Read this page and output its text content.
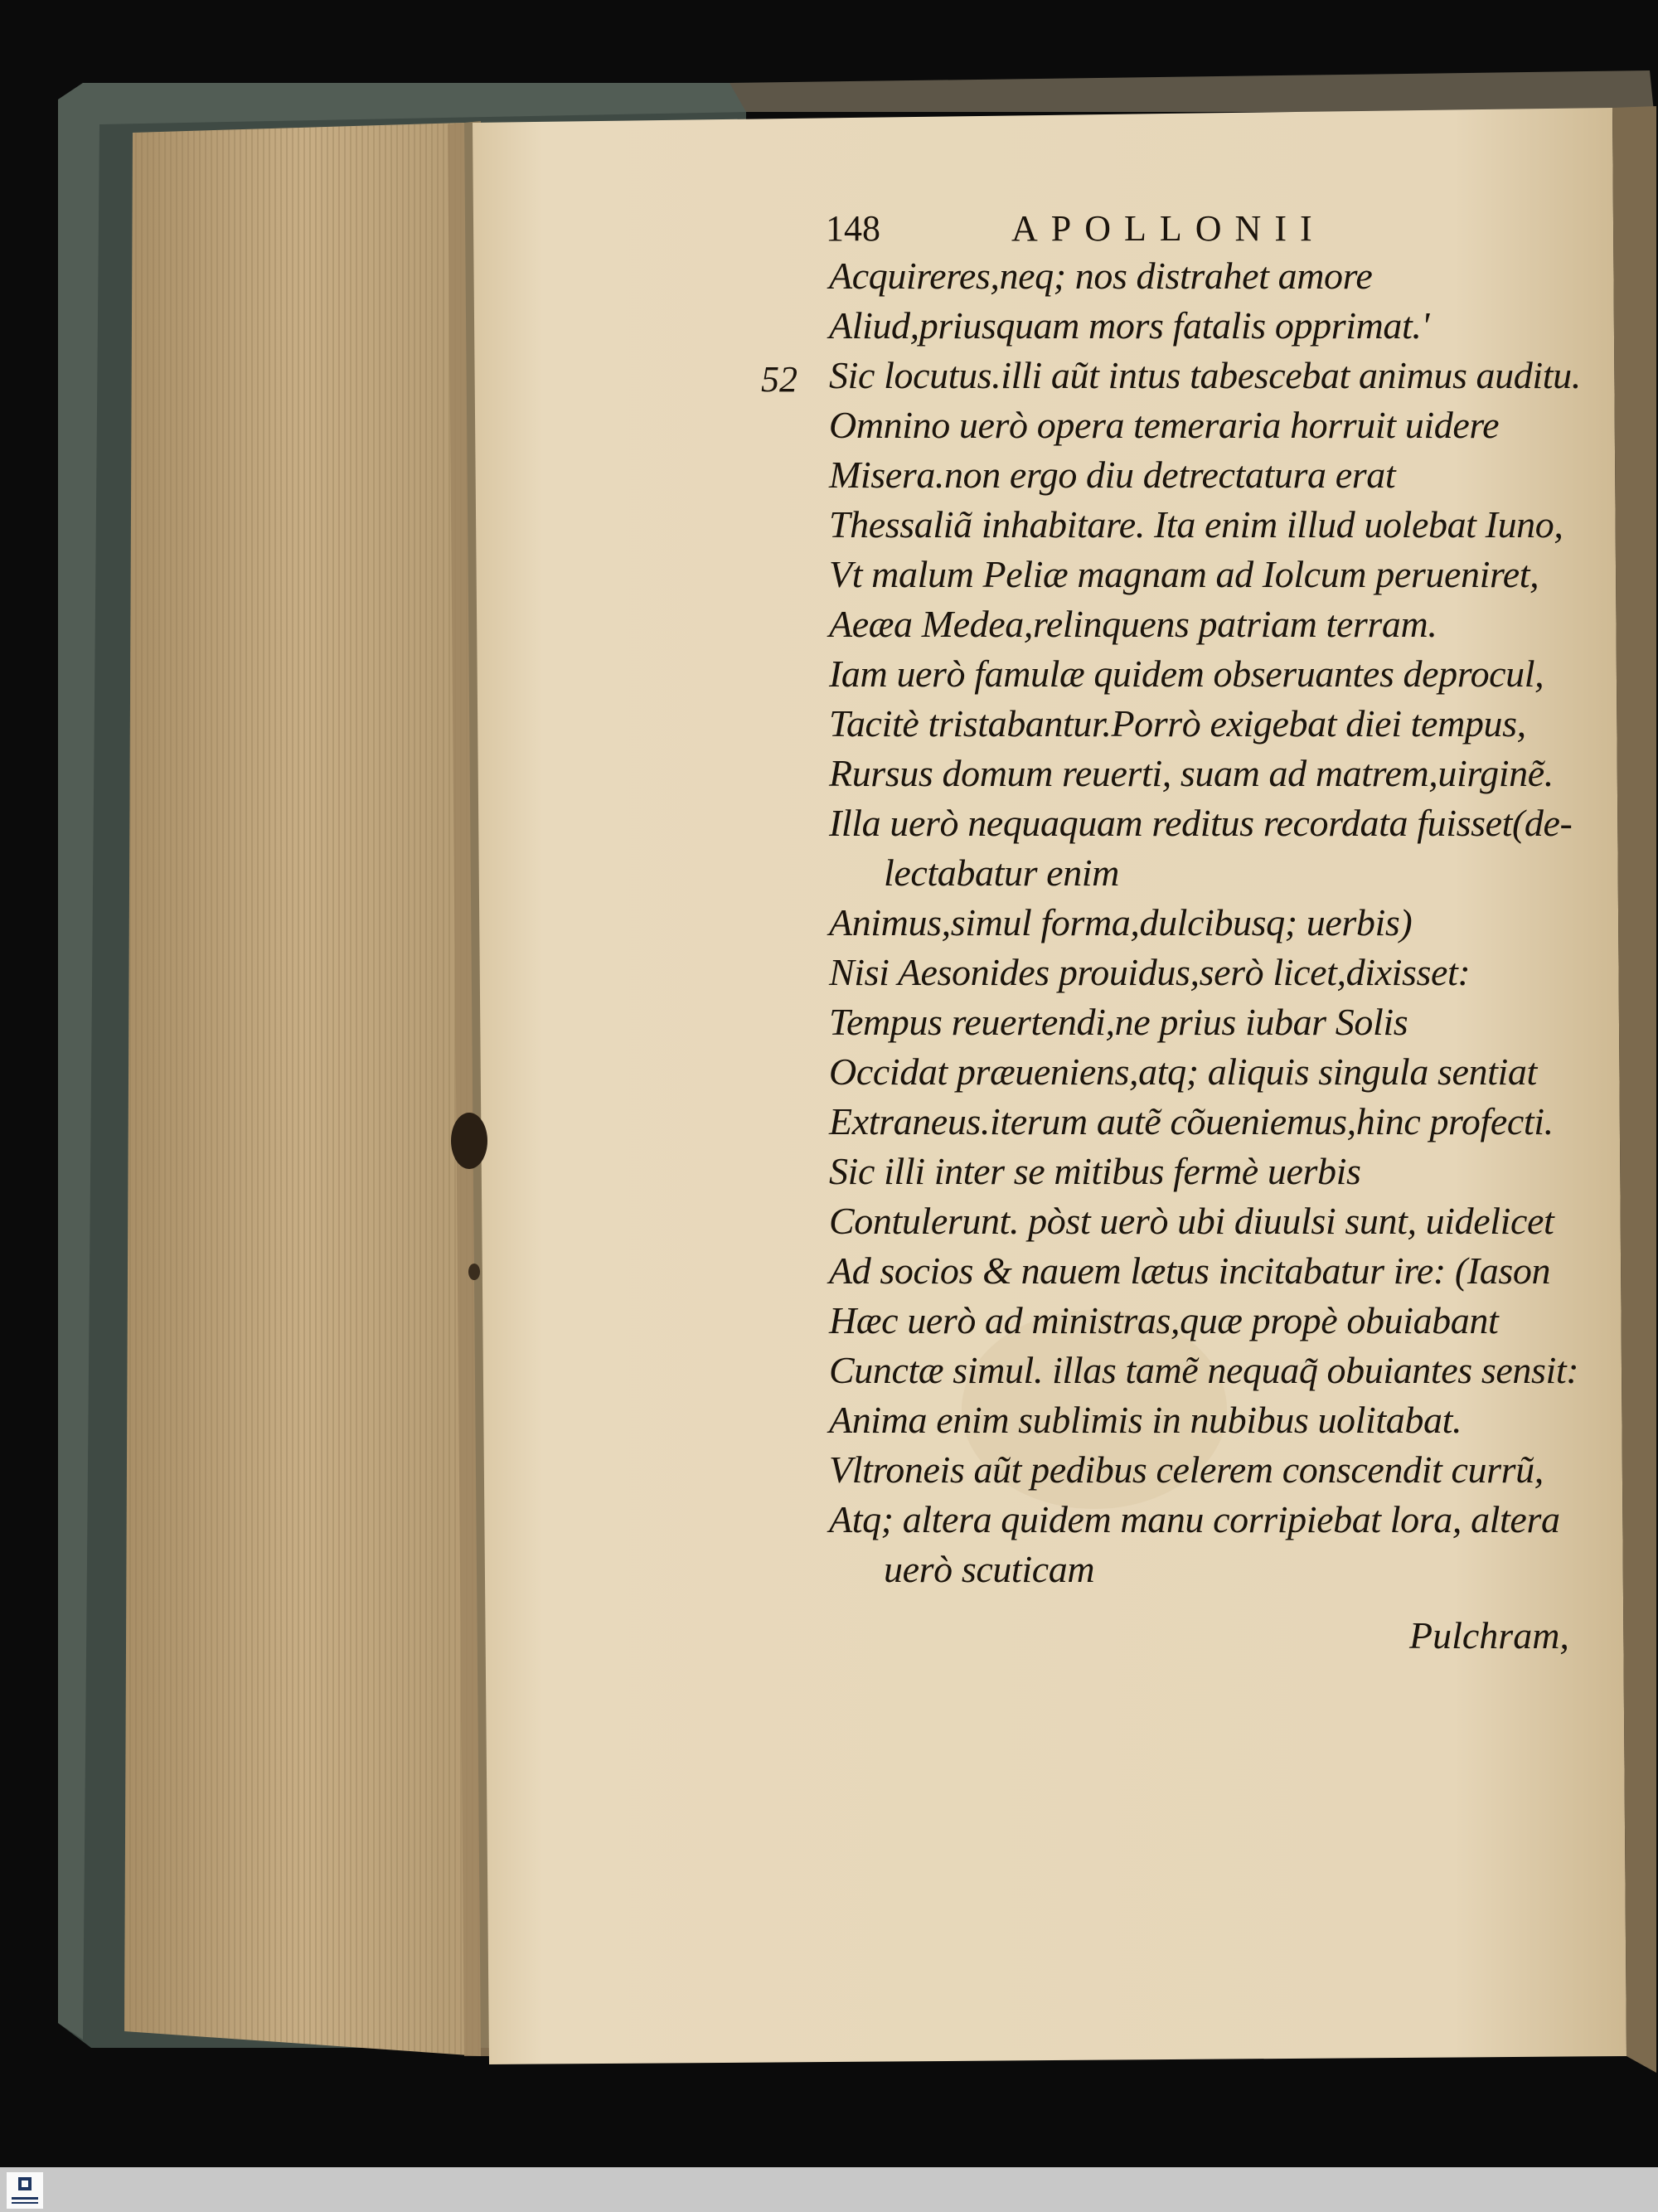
148	APOLLONII
52
Acquireres,neq; nos distrahet amore
Aliud,priusquam mors fatalis opprimat.'
Sic locutus.illi aũt intus tabescebat animus auditu.
Omnino uerò opera temeraria horruit uidere
Misera.non ergo diu detrectatura erat
Thessaliã inhabitare. Ita enim illud uolebat Iuno,
Vt malum Peliæ magnam ad Iolcum perueniret,
Aeæa Medea,relinquens patriam terram.
Iam uerò famulæ quidem obseruantes deprocul,
Tacitè tristabantur.Porrò exigebat diei tempus,
Rursus domum reuerti, suam ad matrem,uirginẽ.
Illa uerò nequaquam reditus recordata fuisset(de-
lectabatur enim
Animus,simul forma,dulcibusq; uerbis)
Nisi Aesonides prouidus,serò licet,dixisset:
Tempus reuertendi,ne prius iubar Solis
Occidat præueniens,atq; aliquis singula sentiat
Extraneus.iterum autẽ cõueniemus,hinc profecti.
Sic illi inter se mitibus fermè uerbis
Contulerunt. pòst uerò ubi diuulsi sunt, uidelicet
Ad socios & nauem lætus incitabatur ire: (Iason
Hæc uerò ad ministras,quæ propè obuiabant
Cunctæ simul. illas tamẽ nequaq̃ obuiantes sensit:
Anima enim sublimis in nubibus uolitabat.
Vltroneis aũt pedibus celerem conscendit currũ,
Atq; altera quidem manu corripiebat lora, altera
uerò scuticam
Pulchram,
